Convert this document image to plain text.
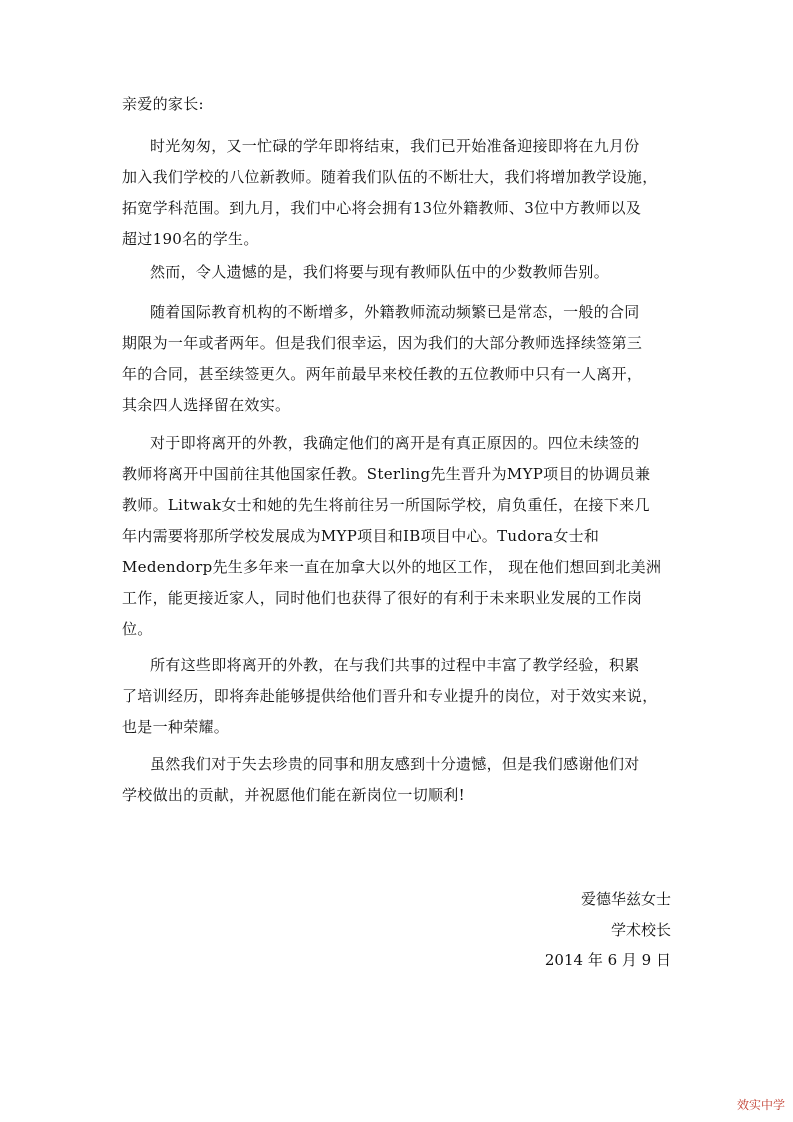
亲爱的家长:
时光匆匆，又一忙碌的学年即将结束，我们已开始准备迎接即将在九月份
加入我们学校的八位新教师。随着我们队伍的不断壮大，我们将增加教学设施，
拓宽学科范围。到九月，我们中心将会拥有13位外籍教师、3位中方教师以及
超过190名的学生。
然而，令人遗憾的是，我们将要与现有教师队伍中的少数教师告别。
随着国际教育机构的不断增多，外籍教师流动频繁已是常态，一般的合同
期限为一年或者两年。但是我们很幸运，因为我们的大部分教师选择续签第三
年的合同，甚至续签更久。两年前最早来校任教的五位教师中只有一人离开，
其余四人选择留在效实。
对于即将离开的外教，我确定他们的离开是有真正原因的。四位未续签的
教师将离开中国前往其他国家任教。Sterling先生晋升为MYP项目的协调员兼
教师。Litwak女士和她的先生将前往另一所国际学校，肩负重任，在接下来几
年内需要将那所学校发展成为MYP项目和IB项目中心。Tudora女士和
Medendorp先生多年来一直在加拿大以外的地区工作， 现在他们想回到北美洲
工作，能更接近家人，同时他们也获得了很好的有利于未来职业发展的工作岗
位。
所有这些即将离开的外教，在与我们共事的过程中丰富了教学经验，积累
了培训经历，即将奔赴能够提供给他们晋升和专业提升的岗位，对于效实来说，
也是一种荣耀。
虽然我们对于失去珍贵的同事和朋友感到十分遗憾，但是我们感谢他们对
学校做出的贡献，并祝愿他们能在新岗位一切顺利!
爱德华兹女士
学术校长
2014 年 6 月 9 日
效实中学
